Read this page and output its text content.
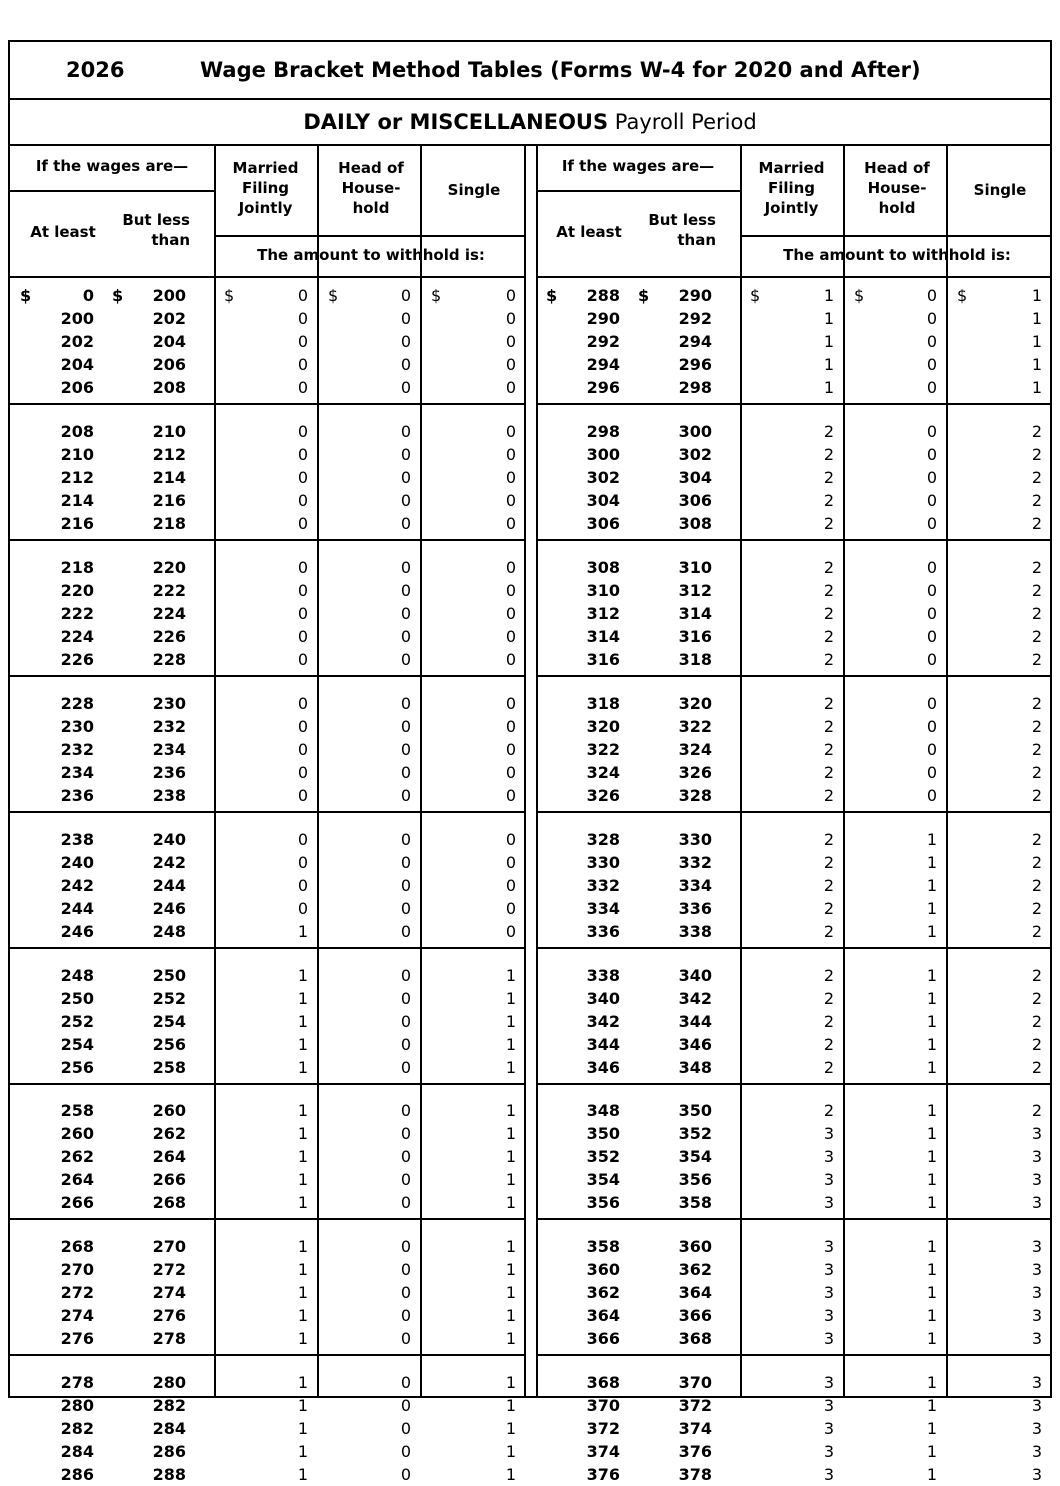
2026	Wage Bracket Method Tables (Forms W-4 for 2020 and After)
DAILY or MISCELLANEOUS Payroll Period
If the wages are—
At least
But less than
Married Filing Jointly
Head of House- hold
Single
The amount to withhold is:
0	200	0	0	0
$	$	$	$	$
200	202	0	0	0
202	204	0	0	0
204	206	0	0	0
206	208	0	0	0
208	210	0	0	0
210	212	0	0	0
212	214	0	0	0
214	216	0	0	0
216	218	0	0	0
218	220	0	0	0
220	222	0	0	0
222	224	0	0	0
224	226	0	0	0
226	228	0	0	0
228	230	0	0	0
230	232	0	0	0
232	234	0	0	0
234	236	0	0	0
236	238	0	0	0
238	240	0	0	0
240	242	0	0	0
242	244	0	0	0
244	246	0	0	0
246	248	1	0	0
248	250	1	0	1
250	252	1	0	1
252	254	1	0	1
254	256	1	0	1
256	258	1	0	1
258	260	1	0	1
260	262	1	0	1
262	264	1	0	1
264	266	1	0	1
266	268	1	0	1
268	270	1	0	1
270	272	1	0	1
272	274	1	0	1
274	276	1	0	1
276	278	1	0	1
278	280	1	0	1
280	282	1	0	1
282	284	1	0	1
284	286	1	0	1
286	288	1	0	1
If the wages are—
At least
But less than
Married Filing Jointly
Head of House- hold
Single
The amount to withhold is:
288	290	1	0	1
$	$	$	$	$
290	292	1	0	1
292	294	1	0	1
294	296	1	0	1
296	298	1	0	1
298	300	2	0	2
300	302	2	0	2
302	304	2	0	2
304	306	2	0	2
306	308	2	0	2
308	310	2	0	2
310	312	2	0	2
312	314	2	0	2
314	316	2	0	2
316	318	2	0	2
318	320	2	0	2
320	322	2	0	2
322	324	2	0	2
324	326	2	0	2
326	328	2	0	2
328	330	2	1	2
330	332	2	1	2
332	334	2	1	2
334	336	2	1	2
336	338	2	1	2
338	340	2	1	2
340	342	2	1	2
342	344	2	1	2
344	346	2	1	2
346	348	2	1	2
348	350	2	1	2
350	352	3	1	3
352	354	3	1	3
354	356	3	1	3
356	358	3	1	3
358	360	3	1	3
360	362	3	1	3
362	364	3	1	3
364	366	3	1	3
366	368	3	1	3
368	370	3	1	3
370	372	3	1	3
372	374	3	1	3
374	376	3	1	3
376	378	3	1	3
